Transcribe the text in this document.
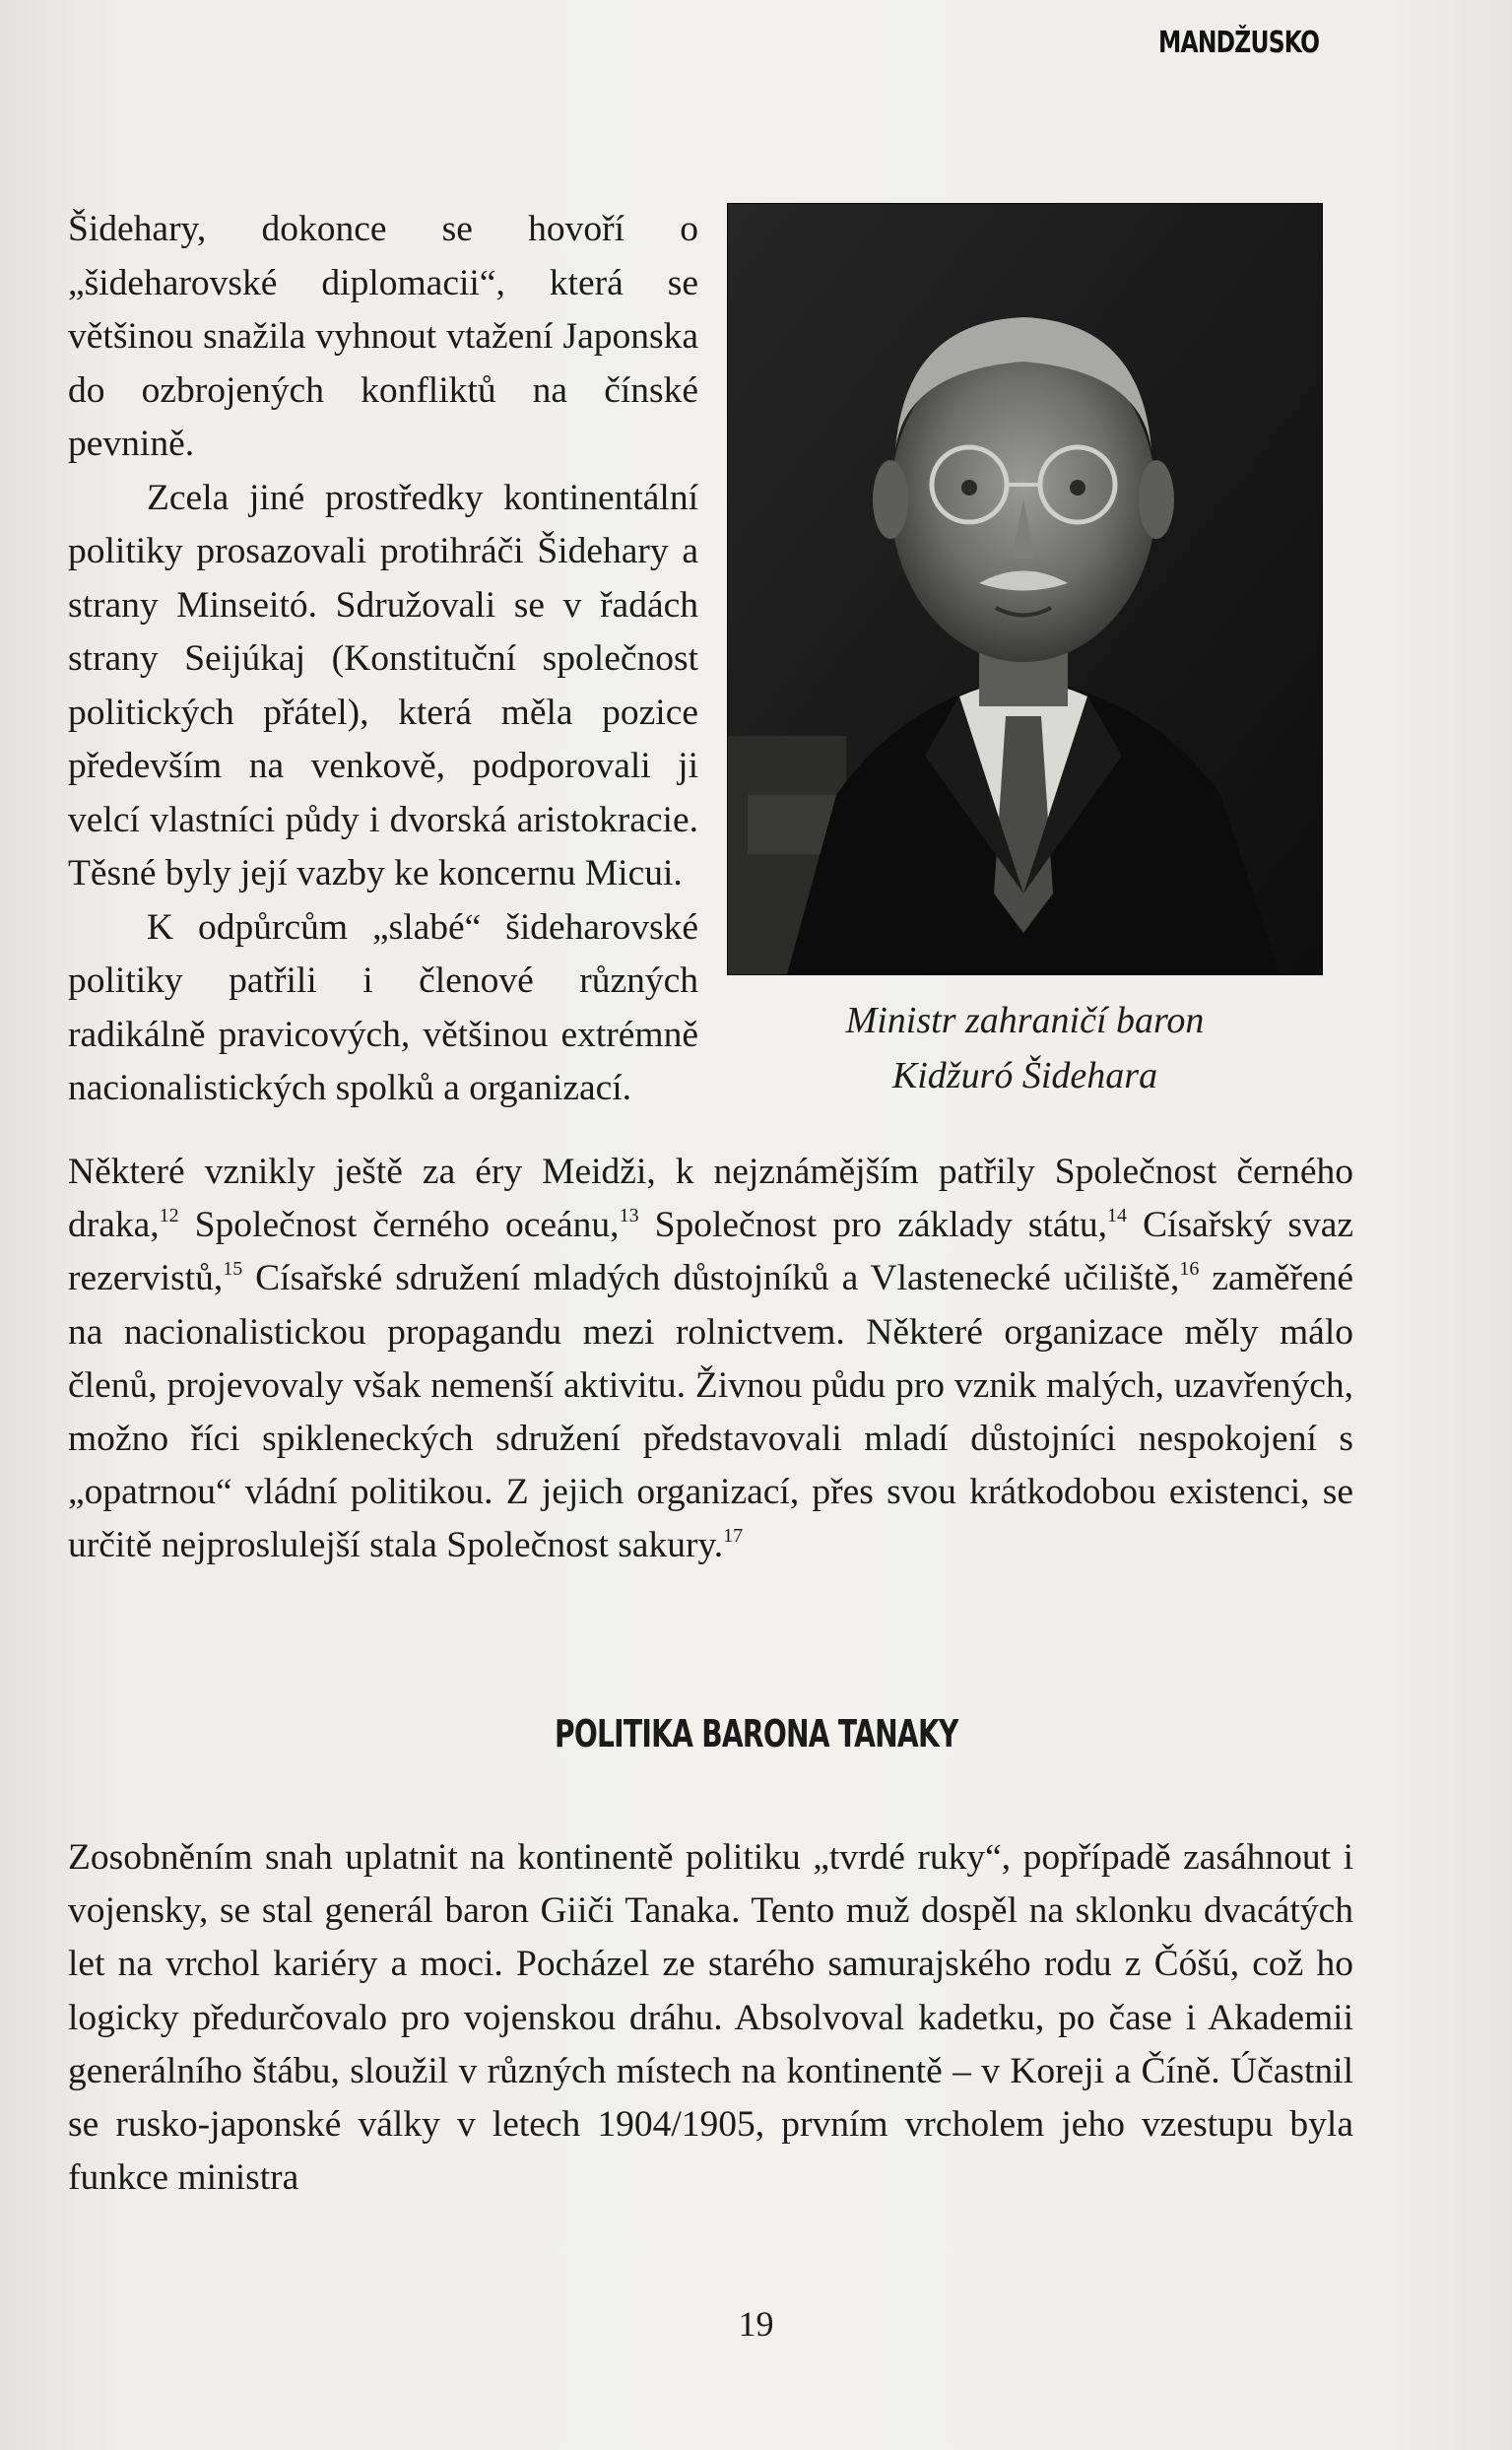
MANDŽUSKO

Šidehary, dokonce se hovoří o „šideharovské diplomacii“, která se většinou snažila vyhnout vtažení Japonska do ozbrojených konfliktů na čínské pevnině.

Zcela jiné prostředky kontinentální politiky prosazovali protihráči Šidehary a strany Minseitó. Sdružovali se v řadách strany Seijúkaj (Konstituční společnost politických přátel), která měla pozice především na venkově, podporovali ji velcí vlastníci půdy i dvorská aristokracie. Těsné byly její vazby ke koncernu Micui.

K odpůrcům „slabé“ šideharovské politiky patřili i členové různých radikálně pravicových, většinou extrémně nacionalistických spolků a organizací.

Ministr zahraničí baron
Kidžuró Šidehara

Některé vznikly ještě za éry Meidži, k nejznámějším patřily Společnost černého draka,$^{12}$ Společnost černého oceánu,$^{13}$ Společnost pro základy státu,$^{14}$ Císařský svaz rezervistů,$^{15}$ Císařské sdružení mladých důstojníků a Vlastenecké učiliště,$^{16}$ zaměřené na nacionalistickou propagandu mezi rolnictvem. Některé organizace měly málo členů, projevovaly však nemenší aktivitu. Živnou půdu pro vznik malých, uzavřených, možno říci spikleneckých sdružení představovali mladí důstojníci nespokojení s „opatrnou“ vládní politikou. Z jejich organizací, přes svou krátkodobou existenci, se určitě nejproslulejší stala Společnost sakury.$^{17}$

POLITIKA BARONA TANAKY

Zosobněním snah uplatnit na kontinentě politiku „tvrdé ruky“, popřípadě zasáhnout i vojensky, se stal generál baron Giiči Tanaka. Tento muž dospěl na sklonku dvacátých let na vrchol kariéry a moci. Pocházel ze starého samurajského rodu z Čóšú, což ho logicky předurčovalo pro vojenskou dráhu. Absolvoval kadetku, po čase i Akademii generálního štábu, sloužil v různých místech na kontinentě – v Koreji a Číně. Účastnil se rusko-japonské války v letech 1904/1905, prvním vrcholem jeho vzestupu byla funkce ministra

19
